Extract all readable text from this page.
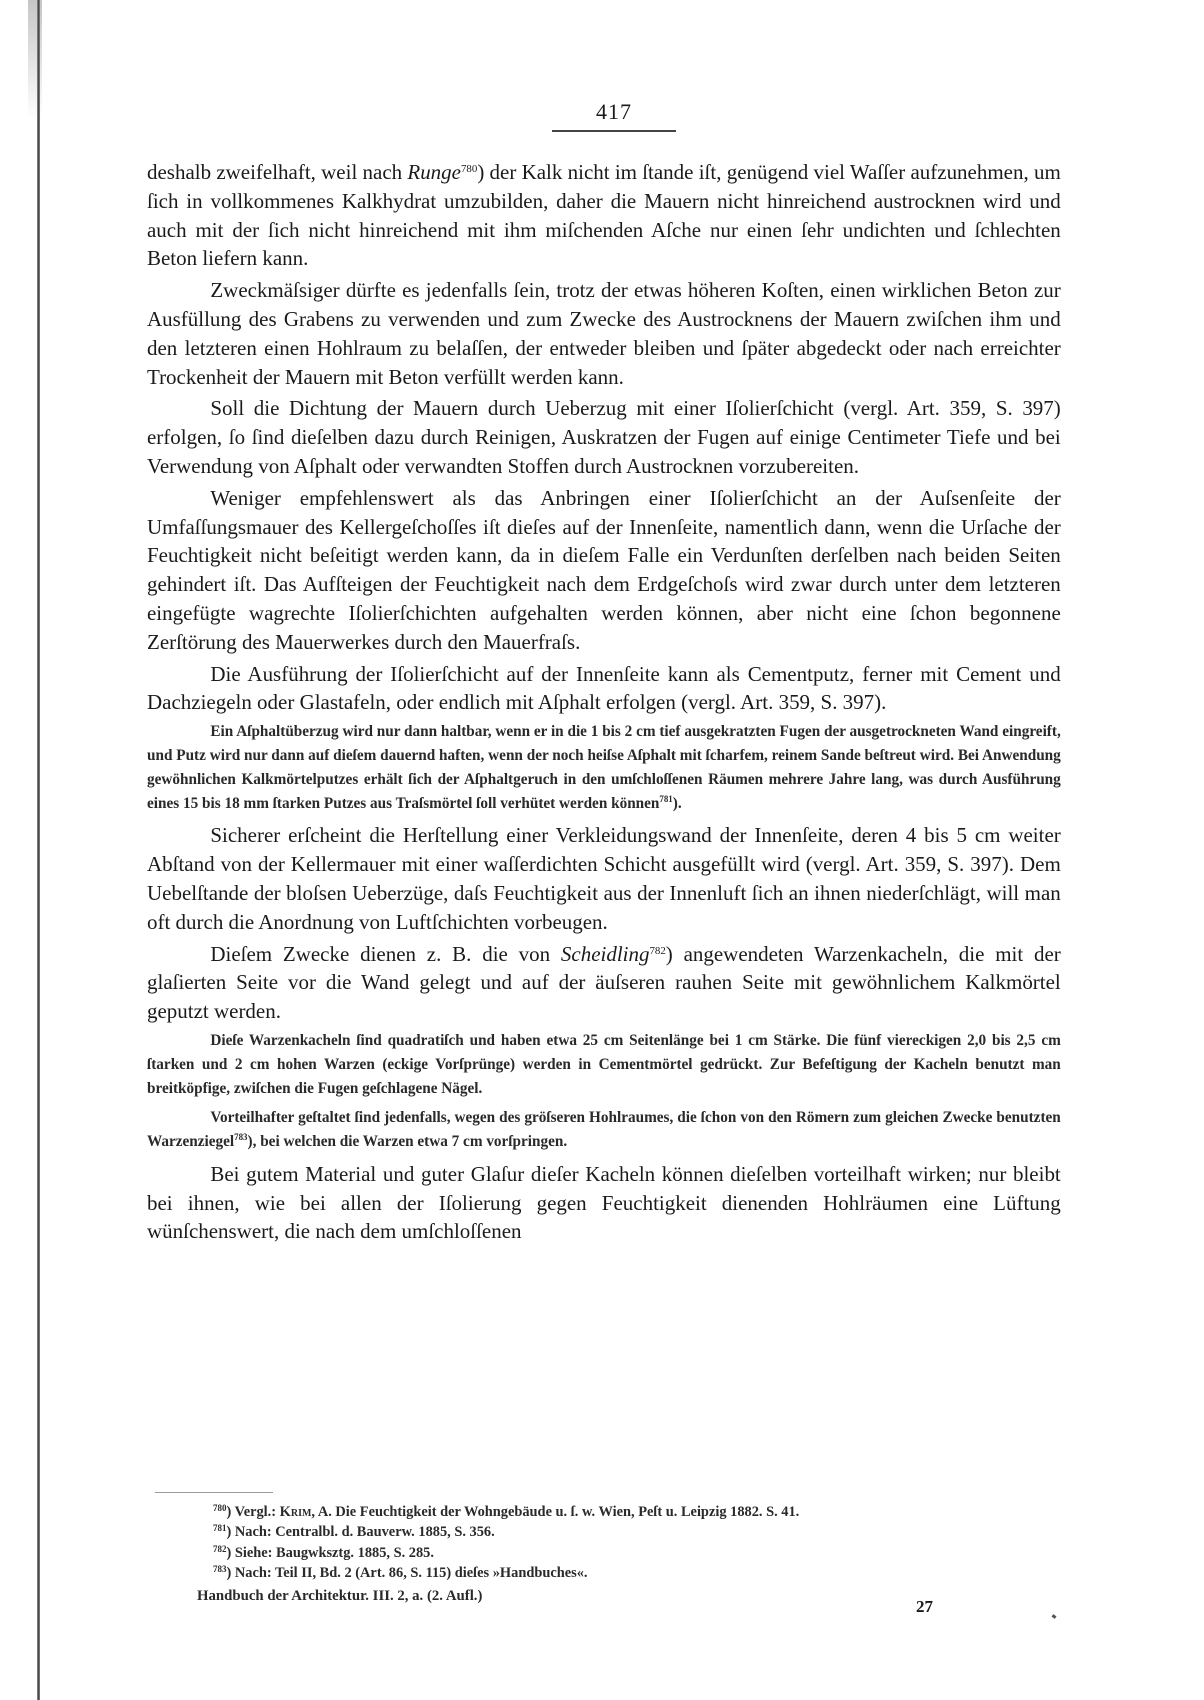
417

deshalb zweifelhaft, weil nach Runge$^{780}$) der Kalk nicht im ſtande iſt, genügend viel Waſſer aufzunehmen, um ſich in vollkommenes Kalkhydrat umzubilden, daher die Mauern nicht hinreichend austrocknen wird und auch mit der ſich nicht hinreichend mit ihm miſchenden Aſche nur einen ſehr undichten und ſchlechten Beton liefern kann.

Zweckmäſsiger dürfte es jedenfalls ſein, trotz der etwas höheren Koſten, einen wirklichen Beton zur Ausfüllung des Grabens zu verwenden und zum Zwecke des Austrocknens der Mauern zwiſchen ihm und den letzteren einen Hohlraum zu belaſſen, der entweder bleiben und ſpäter abgedeckt oder nach erreichter Trockenheit der Mauern mit Beton verfüllt werden kann.

Soll die Dichtung der Mauern durch Ueberzug mit einer Iſolierſchicht (vergl. Art. 359, S. 397) erfolgen, ſo ſind dieſelben dazu durch Reinigen, Auskratzen der Fugen auf einige Centimeter Tiefe und bei Verwendung von Aſphalt oder verwandten Stoffen durch Austrocknen vorzubereiten.

Weniger empfehlenswert als das Anbringen einer Iſolierſchicht an der Auſsenſeite der Umfaſſungsmauer des Kellergeſchoſſes iſt dieſes auf der Innenſeite, namentlich dann, wenn die Urſache der Feuchtigkeit nicht beſeitigt werden kann, da in dieſem Falle ein Verdunſten derſelben nach beiden Seiten gehindert iſt. Das Aufſteigen der Feuchtigkeit nach dem Erdgeſchoſs wird zwar durch unter dem letzteren eingefügte wagrechte Iſolierſchichten aufgehalten werden können, aber nicht eine ſchon begonnene Zerſtörung des Mauerwerkes durch den Mauerfraſs.

Die Ausführung der Iſolierſchicht auf der Innenſeite kann als Cementputz, ferner mit Cement und Dachziegeln oder Glastafeln, oder endlich mit Aſphalt erfolgen (vergl. Art. 359, S. 397).

Ein Aſphaltüberzug wird nur dann haltbar, wenn er in die 1 bis 2 cm tief ausgekratzten Fugen der ausgetrockneten Wand eingreift, und Putz wird nur dann auf dieſem dauernd haften, wenn der noch heiſse Aſphalt mit ſcharfem, reinem Sande beſtreut wird. Bei Anwendung gewöhnlichen Kalkmörtelputzes erhält ſich der Aſphaltgeruch in den umſchloſſenen Räumen mehrere Jahre lang, was durch Ausführung eines 15 bis 18 mm ſtarken Putzes aus Traſsmörtel ſoll verhütet werden können$^{781}$).

Sicherer erſcheint die Herſtellung einer Verkleidungswand der Innenſeite, deren 4 bis 5 cm weiter Abſtand von der Kellermauer mit einer waſſerdichten Schicht ausgefüllt wird (vergl. Art. 359, S. 397). Dem Uebelſtande der bloſsen Ueberzüge, daſs Feuchtigkeit aus der Innenluft ſich an ihnen niederſchlägt, will man oft durch die Anordnung von Luftſchichten vorbeugen.

Dieſem Zwecke dienen z. B. die von Scheidling$^{782}$) angewendeten Warzenkacheln, die mit der glaſierten Seite vor die Wand gelegt und auf der äuſseren rauhen Seite mit gewöhnlichem Kalkmörtel geputzt werden.

Dieſe Warzenkacheln ſind quadratiſch und haben etwa 25 cm Seitenlänge bei 1 cm Stärke. Die fünf viereckigen 2,0 bis 2,5 cm ſtarken und 2 cm hohen Warzen (eckige Vorſprünge) werden in Cementmörtel gedrückt. Zur Befeſtigung der Kacheln benutzt man breitköpfige, zwiſchen die Fugen geſchlagene Nägel.

Vorteilhafter geſtaltet ſind jedenfalls, wegen des gröſseren Hohlraumes, die ſchon von den Römern zum gleichen Zwecke benutzten Warzenziegel$^{783}$), bei welchen die Warzen etwa 7 cm vorſpringen.

Bei gutem Material und guter Glaſur dieſer Kacheln können dieſelben vorteilhaft wirken; nur bleibt bei ihnen, wie bei allen der Iſolierung gegen Feuchtigkeit dienenden Hohlräumen eine Lüftung wünſchenswert, die nach dem umſchloſſenen

$^{780}$) Vergl.: Krim, A. Die Feuchtigkeit der Wohngebäude u. ſ. w. Wien, Peſt u. Leipzig 1882. S. 41.
$^{781}$) Nach: Centralbl. d. Bauverw. 1885, S. 356.
$^{782}$) Siehe: Baugwksztg. 1885, S. 285.
$^{783}$) Nach: Teil II, Bd. 2 (Art. 86, S. 115) dieſes »Handbuches«.
Handbuch der Architektur. III. 2, a. (2. Aufl.)
27
